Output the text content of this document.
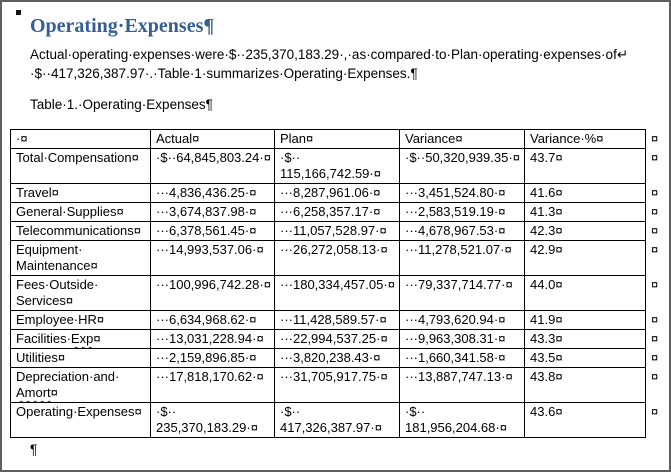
Operating·Expenses¶
Actual·operating·expenses·were·$··235,370,183.29·,·as·compared·to·Plan·operating·expenses·of↵
·$··417,326,387.97·.·Table·1·summarizes·Operating·Expenses.¶
Table·1.·Operating·Expenses¶
·¤	Actual¤	Plan¤	Variance¤	Variance·%¤	¤
Total·Compensation¤	·$··64,845,803.24·¤	·$··
115,166,742.59·¤	·$··50,320,939.35·¤	43.7¤	¤
Travel¤	···4,836,436.25·¤	···8,287,961.06·¤	···3,451,524.80·¤	41.6¤	¤
General·Supplies¤	···3,674,837.98·¤	···6,258,357.17·¤	···2,583,519.19·¤	41.3¤	¤
Telecommunications¤	···6,378,561.45·¤	···11,057,528.97·¤	···4,678,967.53·¤	42.3¤	¤

Equipment·
Maintenance¤	···14,993,537.06·¤	···26,272,058.13·¤	···11,278,521.07·¤	42.9¤	¤

Fees·Outside·
Services¤	···100,996,742.28·¤	···180,334,457.05·¤	···79,337,714.77·¤	44.0¤	¤
Employee·HR¤	···6,634,968.62·¤	···11,428,589.57·¤	···4,793,620.94·¤	41.9¤	¤
Facilities·Exp¤	···13,031,228.94·¤	···22,994,537.25·¤	···9,963,308.31·¤	43.3¤	¤
Utilities¤	···2,159,896.85·¤	···3,820,238.43·¤	···1,660,341.58·¤	43.5¤	¤

Depreciation·and·
Amort¤	···17,818,170.62·¤	···31,705,917.75·¤	···13,887,747.13·¤	43.8¤	¤
Operating·Expenses¤	·$··
235,370,183.29·¤	·$··
417,326,387.97·¤	·$··
181,956,204.68·¤	43.6¤	¤
¶
